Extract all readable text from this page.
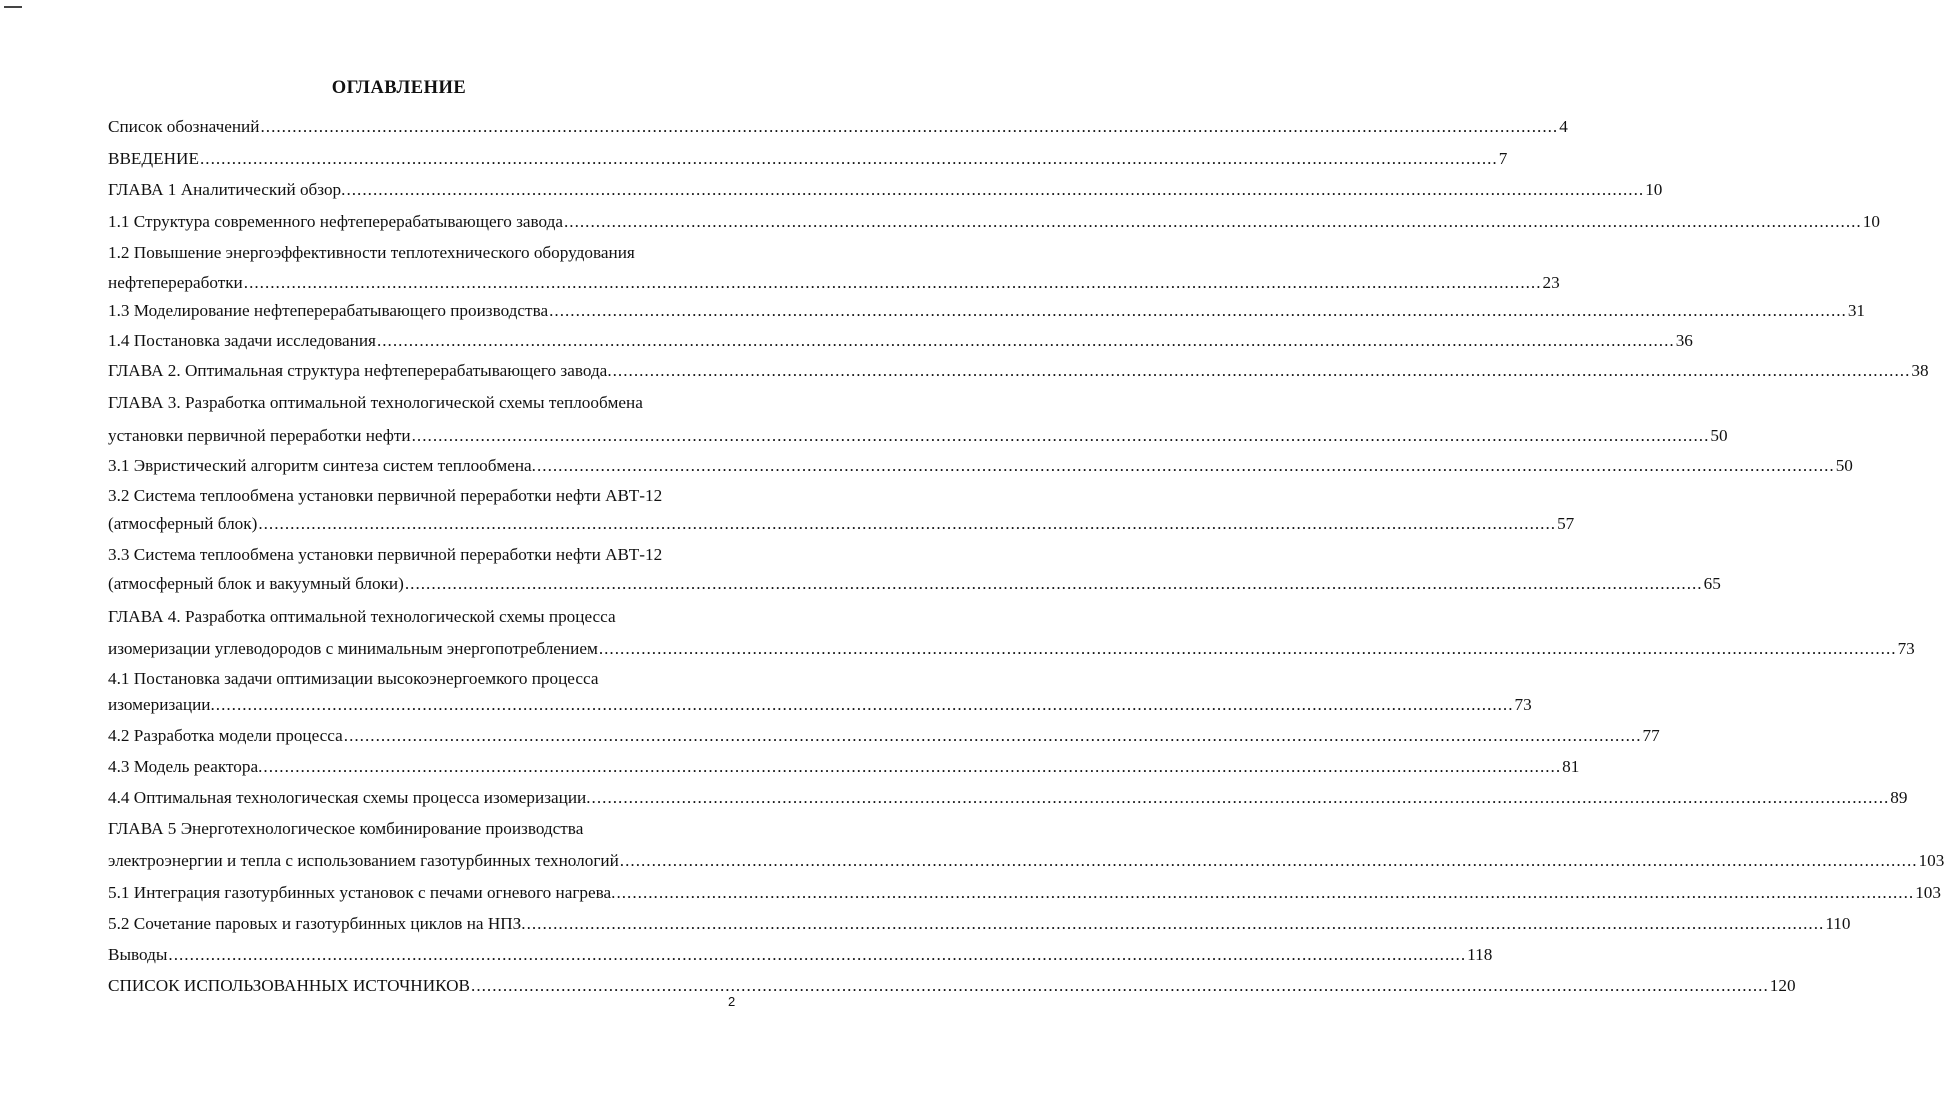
ОГЛАВЛЕНИЕ
Список обозначений .....	4
ВВЕДЕНИЕ .....	7
ГЛАВА 1 Аналитический обзор. .....	10
1.1 Структура современного нефтеперерабатывающего завода .....	10
1.2 Повышение энергоэффективности теплотехнического оборудования
нефтепереработки .....	23
1.3 Моделирование нефтеперерабатывающего производства .....	31
1.4 Постановка задачи исследования .....	36
ГЛАВА 2. Оптимальная структура нефтеперерабатывающего завода. .....	38
ГЛАВА 3. Разработка оптимальной технологической схемы теплообмена
установки первичной переработки нефти .....	50
3.1 Эвристический алгоритм синтеза систем теплообмена. .....	50
3.2 Система теплообмена установки первичной переработки нефти АВТ-12
(атмосферный блок) .....	57
3.3 Система теплообмена установки первичной переработки нефти АВТ-12
(атмосферный блок и вакуумный блоки) .....	65
ГЛАВА 4. Разработка оптимальной технологической схемы процесса
изомеризации углеводородов с минимальным энергопотреблением .....	73
4.1 Постановка задачи оптимизации высокоэнергоемкого процесса
изомеризации. .....	73
4.2 Разработка модели процесса .....	77
4.3 Модель реактора. .....	81
4.4 Оптимальная технологическая схемы процесса изомеризации. .....	89
ГЛАВА 5 Энерготехнологическое комбинирование производства
электроэнергии и тепла с использованием газотурбинных технологий .....	103
5.1 Интеграция газотурбинных установок с печами огневого нагрева. .....	103
5.2 Сочетание паровых и газотурбинных циклов на НПЗ. .....	110
Выводы .....	118
СПИСОК ИСПОЛЬЗОВАННЫХ ИСТОЧНИКОВ .....	120
2
